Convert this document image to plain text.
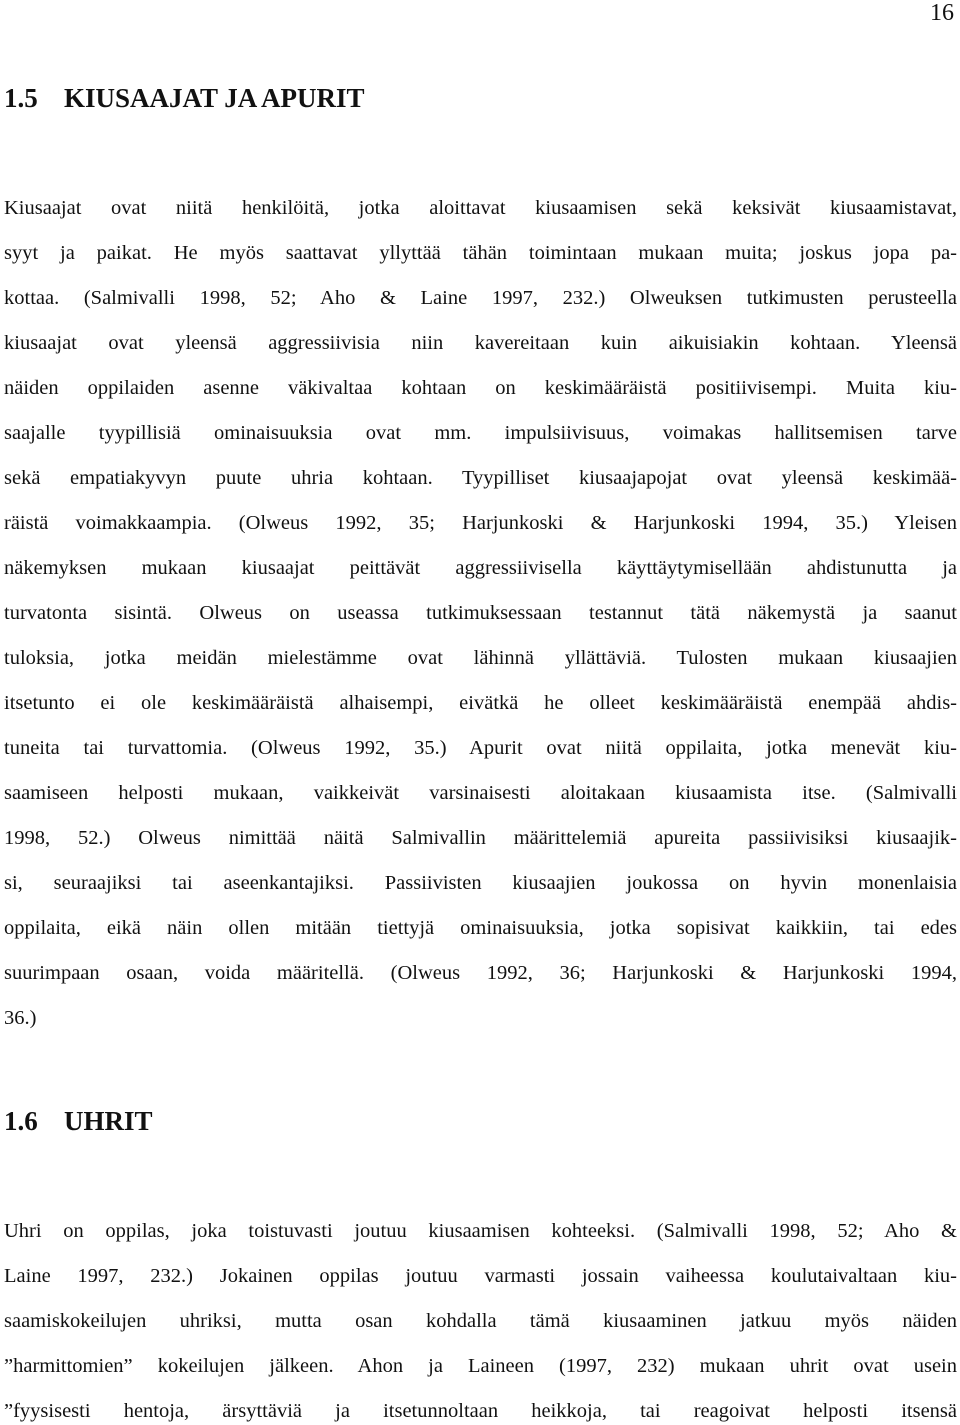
16
1.5 KIUSAAJAT JA APURIT
Kiusaajat ovat niitä henkilöitä, jotka aloittavat kiusaamisen sekä keksivät kiusaamistavat,
syyt ja paikat. He myös saattavat yllyttää tähän toimintaan mukaan muita; joskus jopa pa-
kottaa. (Salmivalli 1998, 52; Aho & Laine 1997, 232.) Olweuksen tutkimusten perusteella
kiusaajat ovat yleensä aggressiivisia niin kavereitaan kuin aikuisiakin kohtaan. Yleensä
näiden oppilaiden asenne väkivaltaa kohtaan on keskimääräistä positiivisempi. Muita kiu-
saajalle tyypillisiä ominaisuuksia ovat mm. impulsiivisuus, voimakas hallitsemisen tarve
sekä empatiakyvyn puute uhria kohtaan. Tyypilliset kiusaajapojat ovat yleensä keskimää-
räistä voimakkaampia. (Olweus 1992, 35; Harjunkoski & Harjunkoski 1994, 35.) Yleisen
näkemyksen mukaan kiusaajat peittävät aggressiivisella käyttäytymisellään ahdistunutta ja
turvatonta sisintä. Olweus on useassa tutkimuksessaan testannut tätä näkemystä ja saanut
tuloksia, jotka meidän mielestämme ovat lähinnä yllättäviä. Tulosten mukaan kiusaajien
itsetunto ei ole keskimääräistä alhaisempi, eivätkä he olleet keskimääräistä enempää ahdis-
tuneita tai turvattomia. (Olweus 1992, 35.) Apurit ovat niitä oppilaita, jotka menevät kiu-
saamiseen helposti mukaan, vaikkeivät varsinaisesti aloitakaan kiusaamista itse. (Salmivalli
1998, 52.) Olweus nimittää näitä Salmivallin määrittelemiä apureita passiivisiksi kiusaajik-
si, seuraajiksi tai aseenkantajiksi. Passiivisten kiusaajien joukossa on hyvin monenlaisia
oppilaita, eikä näin ollen mitään tiettyjä ominaisuuksia, jotka sopisivat kaikkiin, tai edes
suurimpaan osaan, voida määritellä. (Olweus 1992, 36; Harjunkoski & Harjunkoski 1994,
36.)
1.6 UHRIT
Uhri on oppilas, joka toistuvasti joutuu kiusaamisen kohteeksi. (Salmivalli 1998, 52; Aho &
Laine 1997, 232.) Jokainen oppilas joutuu varmasti jossain vaiheessa koulutaivaltaan kiu-
saamiskokeilujen uhriksi, mutta osan kohdalla tämä kiusaaminen jatkuu myös näiden
”harmittomien” kokeilujen jälkeen. Ahon ja Laineen (1997, 232) mukaan uhrit ovat usein
”fyysisesti hentoja, ärsyttäviä ja itsetunnoltaan heikkoja, tai reagoivat helposti itsensä
